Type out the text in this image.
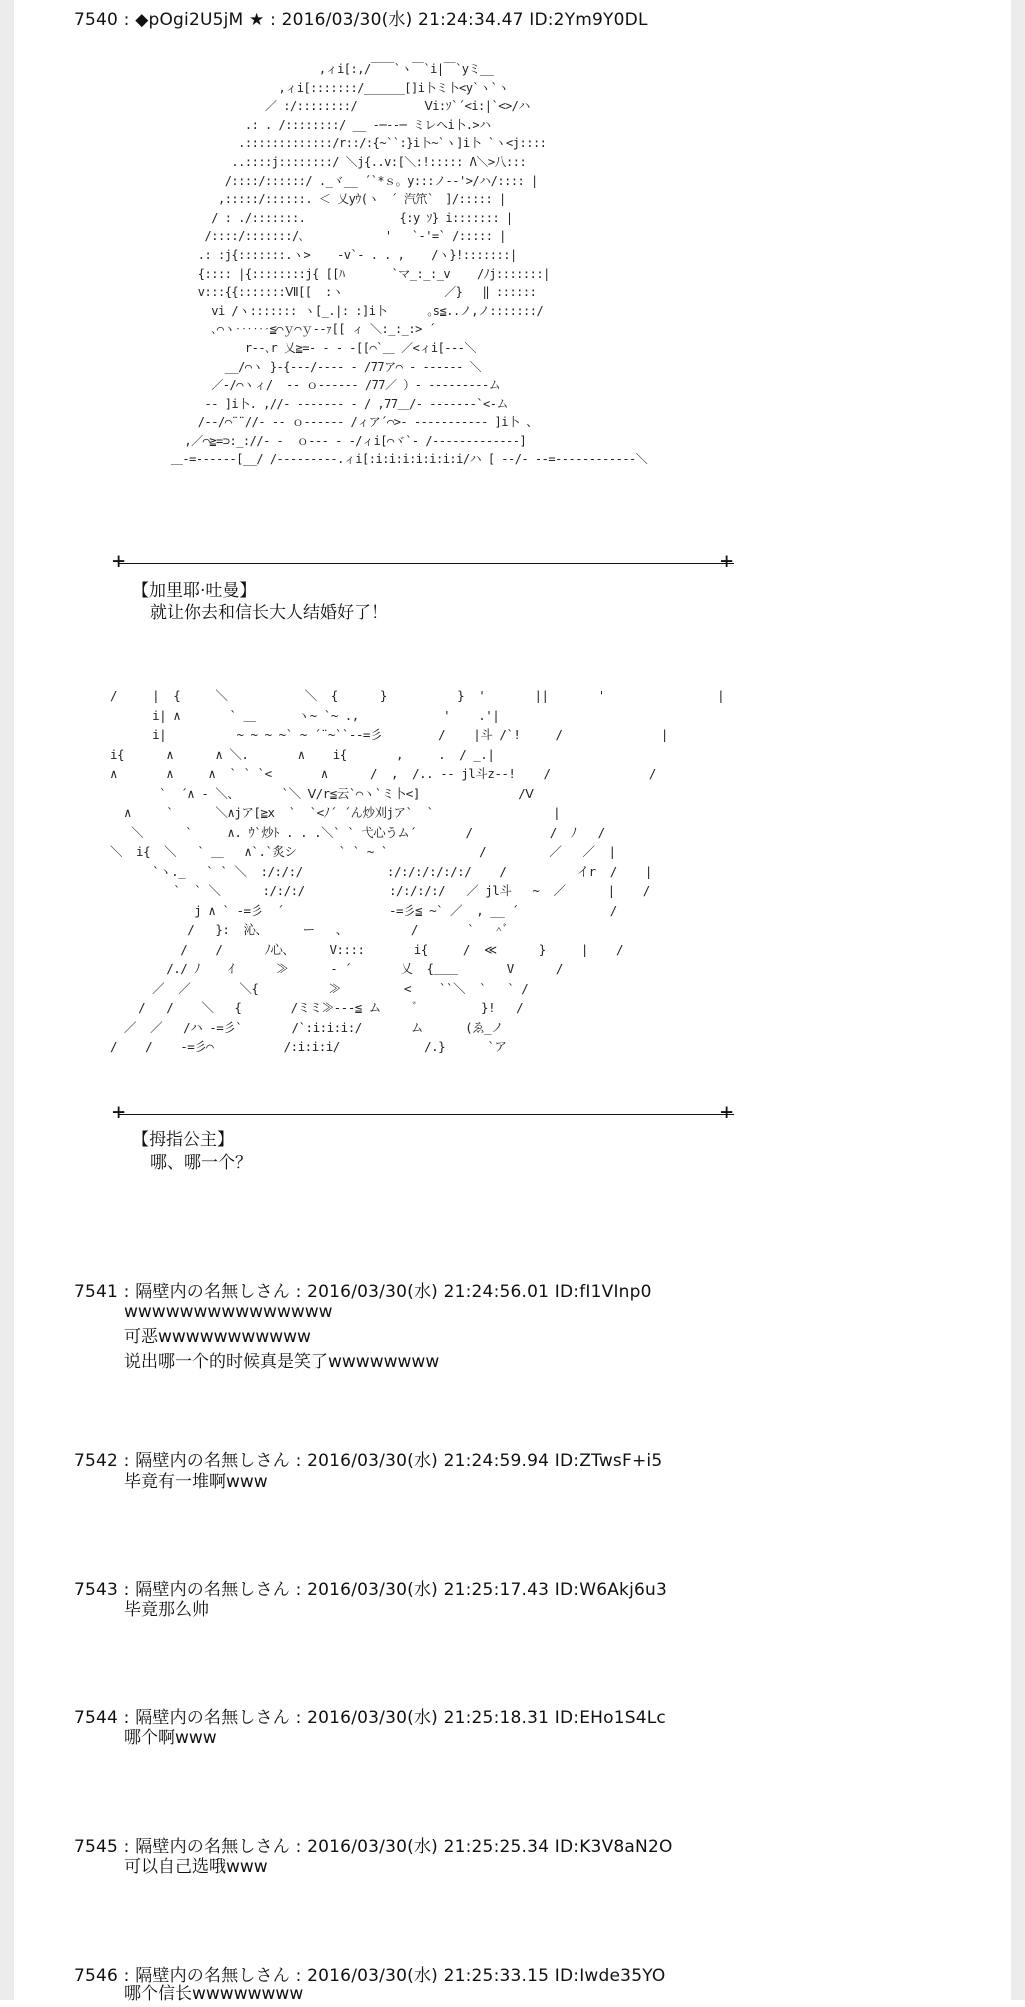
7540 : ◆pOgi2U5jM ★ : 2016/03/30(水) 21:24:34.47 ID:2Ym9Y0DL
,ィi[:,/￣￣`ヽ￣`i|￣`yミ__
,ィi[:::::::/______[]i卜ミ卜<y`ヽ`ヽ
／ :/::::::::/          Ⅴi:ｿ`´<i:|`<>/ハ
.: . /::::::::/ __ ‐─‐‐─ ミレヘi卜.>ハ
.:::::::::::::/r::/:{~``:}i卜~`ヽ]i卜 `ヽ<j::::
..::::j::::::::/ ＼j{..v:[＼:!::::: Λ＼>八:::
/::::/::::::/ ._ヾ__ ´`*ｓ。y:::ノ‐‐'>/ハ/:::: |
,:::::/::::::. ＜ 乂yｳ(ヽ　´ 汽笊`　]/::::: |
/ : ./:::::::.              {:y ｿ} i::::::: |
/::::/:::::::/､            '   `‐'=` /::::: |
.: :j{:::::::.ヽ>    -v`‐ . . ,    /ヽ}!:::::::|
{:::: |{::::::::j{ [[ﾊ       `マ_:_:_v    /ﾉj:::::::|
v:::{{:::::::Ⅶ[[  :ヽ               ／}   ‖ ::::::
vi /ヽ::::::: ヽ[_.|: :]i卜      ｡s≦..ノ,ノ:::::::/
､⌒ヽ‥‥‥≦⌒ｙ⌒ｙ‐‐ｧ[[ ィ ＼:_:_:> ´
r‐‐､r 乂≧=‐ ‐ ‐ ‐[[⌒`＿ ／<ィi[‐‐‐＼
__/⌒ヽ }‐{‐‐‐/‐‐‐‐ ‐ /77ア⌒ ‐ ‐‐‐‐‐‐ ＼
／‐/⌒ヽィ/  ‐‐ ｏ‐‐‐‐‐‐ /77／ ）‐ ‐‐‐‐‐‐‐‐‐ム
‐‐ ]i卜. ,//‐ ‐‐‐‐‐‐‐ ‐ / ,77＿/‐ ‐‐‐‐‐‐‐`<‐ム
/‐‐/⌒¨¨//‐ ‐‐ ｏ‐‐‐‐‐‐ /ィア´⌒>‐ ‐‐‐‐‐‐‐‐‐‐‐ ]i卜 、
,／⌒≧=⊃:_://‐ ‐  ｏ‐‐‐ ‐ ‐/ィi[⌒ヾ`‐ /‐‐‐‐‐‐‐‐‐‐‐‐‐]
＿‐=‐‐‐‐‐‐[__/ /‐‐‐‐‐‐‐‐‐.ィi[:i:i:i:i:i:i:i/ハ [ ‐‐/‐ ‐‐=‐‐‐‐‐‐‐‐‐‐‐‐＼
+	+
【加里耶·吐曼】
就让你去和信长大人结婚好了！
/     |  {     ＼           ＼  {      }          }  '       ||       '                |
i| ∧       ` ＿      ヽ~ `~ .,            '    .'|
i|          ~ ~ ~ ~` ~ ´¨~``‐‐=彡        /    |斗 /`!     /              |
i{      ∧      ∧ ＼.       ∧    i{       ,     .  / _.|
∧       ∧     ∧  ` ` `<       ∧      /  ,  /.. ‐‐ jl斗z‐‐!    /              /
`  ´∧ ‐ ＼、      `＼ Ⅴ/r≦云`⌒ヽ`ミ卜<]              /Ⅴ
∧     `      ＼∧jア[≧x  `  `<ﾉ´ ´ん炒刈jア`  `                 |
＼      `     ∧. ｳ`炒ﾄ . . .＼` ` 弋心うム´       /           /  ﾉ   /
＼  i{  ＼   ` ＿   ∧`.`炙シ      ` ` ~ `             /         ／   ／  |
`ヽ._   ` ` ＼  :/:/:/            :/:/:/:/:/:/    /          イr  /    |
`  ` ＼      :/:/:/            :/:/:/:/   ／ jl斗   ~  ／      |    /
j ∧ ` ‐=彡  ´               ‐=彡≦ ~` ／  , __ ´             /
/   }:  沁、     ー   、         /       `   ^ﾞ
/    /      ﾉ心、     V::::       i{     /  ≪      }     |    /
/./ ﾉ    ｲ      ≫      ‐ ´       乂  {＿＿       V      /
／  ／       ＼{          ≫         <    ``＼  `   ` /
/   /    ＼   {       /ミミ≫‐‐‐≦ ム     ﾞ         }!   /
／  ／   /ハ ‐=彡`       /`:i:i:i:/       ム      (ゑ_ノ
/    /    ‐=彡⌒          /:i:i:i/            /.}      `ア
+	+
【拇指公主】
哪、哪一个？
7541 : 隔壁内の名無しさん : 2016/03/30(水) 21:24:56.01 ID:fI1VInp0
wwwwwwwwwwwwwww
可恶wwwwwwwwwww
说出哪一个的时候真是笑了wwwwwwww
7542 : 隔壁内の名無しさん : 2016/03/30(水) 21:24:59.94 ID:ZTwsF+i5
毕竟有一堆啊www
7543 : 隔壁内の名無しさん : 2016/03/30(水) 21:25:17.43 ID:W6Akj6u3
毕竟那么帅
7544 : 隔壁内の名無しさん : 2016/03/30(水) 21:25:18.31 ID:EHo1S4Lc
哪个啊www
7545 : 隔壁内の名無しさん : 2016/03/30(水) 21:25:25.34 ID:K3V8aN2O
可以自己选哦www
7546 : 隔壁内の名無しさん : 2016/03/30(水) 21:25:33.15 ID:Iwde35YO
哪个信长wwwwwwww
